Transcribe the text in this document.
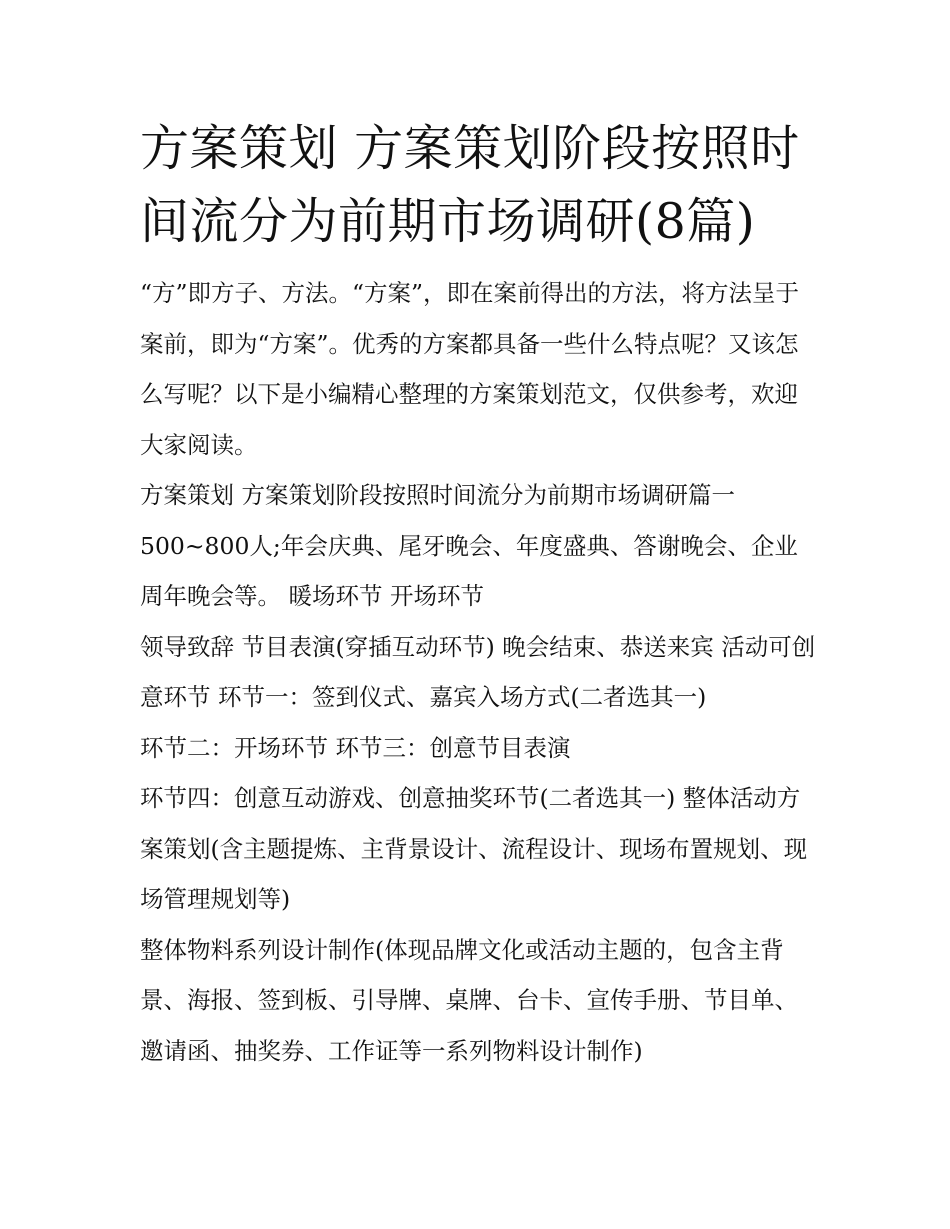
方案策划 方案策划阶段按照时间流分为前期市场调研(8篇)

“方”即方子、方法。“方案”，即在案前得出的方法，将方法呈于案前，即为“方案”。优秀的方案都具备一些什么特点呢？又该怎么写呢？以下是小编精心整理的方案策划范文，仅供参考，欢迎大家阅读。

方案策划 方案策划阶段按照时间流分为前期市场调研篇一

500~800人;年会庆典、尾牙晚会、年度盛典、答谢晚会、企业周年晚会等。 暖场环节 开场环节

领导致辞 节目表演(穿插互动环节) 晚会结束、恭送来宾 活动可创意环节 环节一：签到仪式、嘉宾入场方式(二者选其一)

环节二：开场环节 环节三：创意节目表演

环节四：创意互动游戏、创意抽奖环节(二者选其一) 整体活动方案策划(含主题提炼、主背景设计、流程设计、现场布置规划、现场管理规划等)

整体物料系列设计制作(体现品牌文化或活动主题的，包含主背景、海报、签到板、引导牌、桌牌、台卡、宣传手册、节目单、邀请函、抽奖券、工作证等一系列物料设计制作)
